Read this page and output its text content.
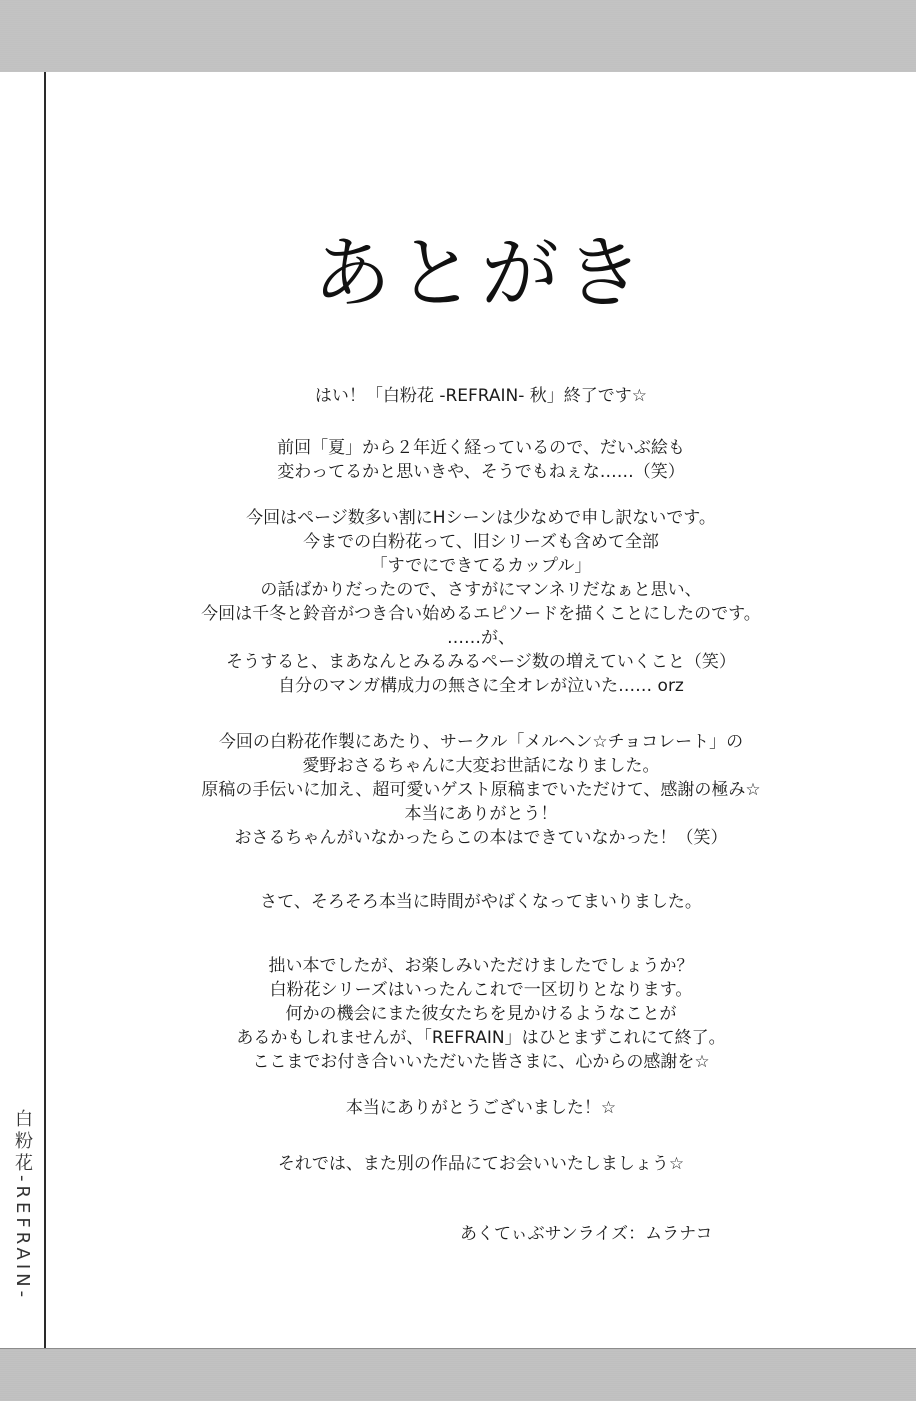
白粉花-REFRAIN-
あとがき
はい！「白粉花 -REFRAIN- 秋」終了です☆
前回「夏」から２年近く経っているので、だいぶ絵も
変わってるかと思いきや、そうでもねぇな……（笑）
今回はページ数多い割にHシーンは少なめで申し訳ないです。
今までの白粉花って、旧シリーズも含めて全部
「すでにできてるカップル」
の話ばかりだったので、さすがにマンネリだなぁと思い、
今回は千冬と鈴音がつき合い始めるエピソードを描くことにしたのです。
……が、
そうすると、まあなんとみるみるページ数の増えていくこと（笑）
自分のマンガ構成力の無さに全オレが泣いた…… orz
今回の白粉花作製にあたり、サークル「メルヘン☆チョコレート」の
愛野おさるちゃんに大変お世話になりました。
原稿の手伝いに加え、超可愛いゲスト原稿までいただけて、感謝の極み☆
本当にありがとう！
おさるちゃんがいなかったらこの本はできていなかった！（笑）
さて、そろそろ本当に時間がやばくなってまいりました。
拙い本でしたが、お楽しみいただけましたでしょうか？
白粉花シリーズはいったんこれで一区切りとなります。
何かの機会にまた彼女たちを見かけるようなことが
あるかもしれませんが、「REFRAIN」はひとまずこれにて終了。
ここまでお付き合いいただいた皆さまに、心からの感謝を☆
本当にありがとうございました！☆
それでは、また別の作品にてお会いいたしましょう☆
あくてぃぶサンライズ：ムラナコ
